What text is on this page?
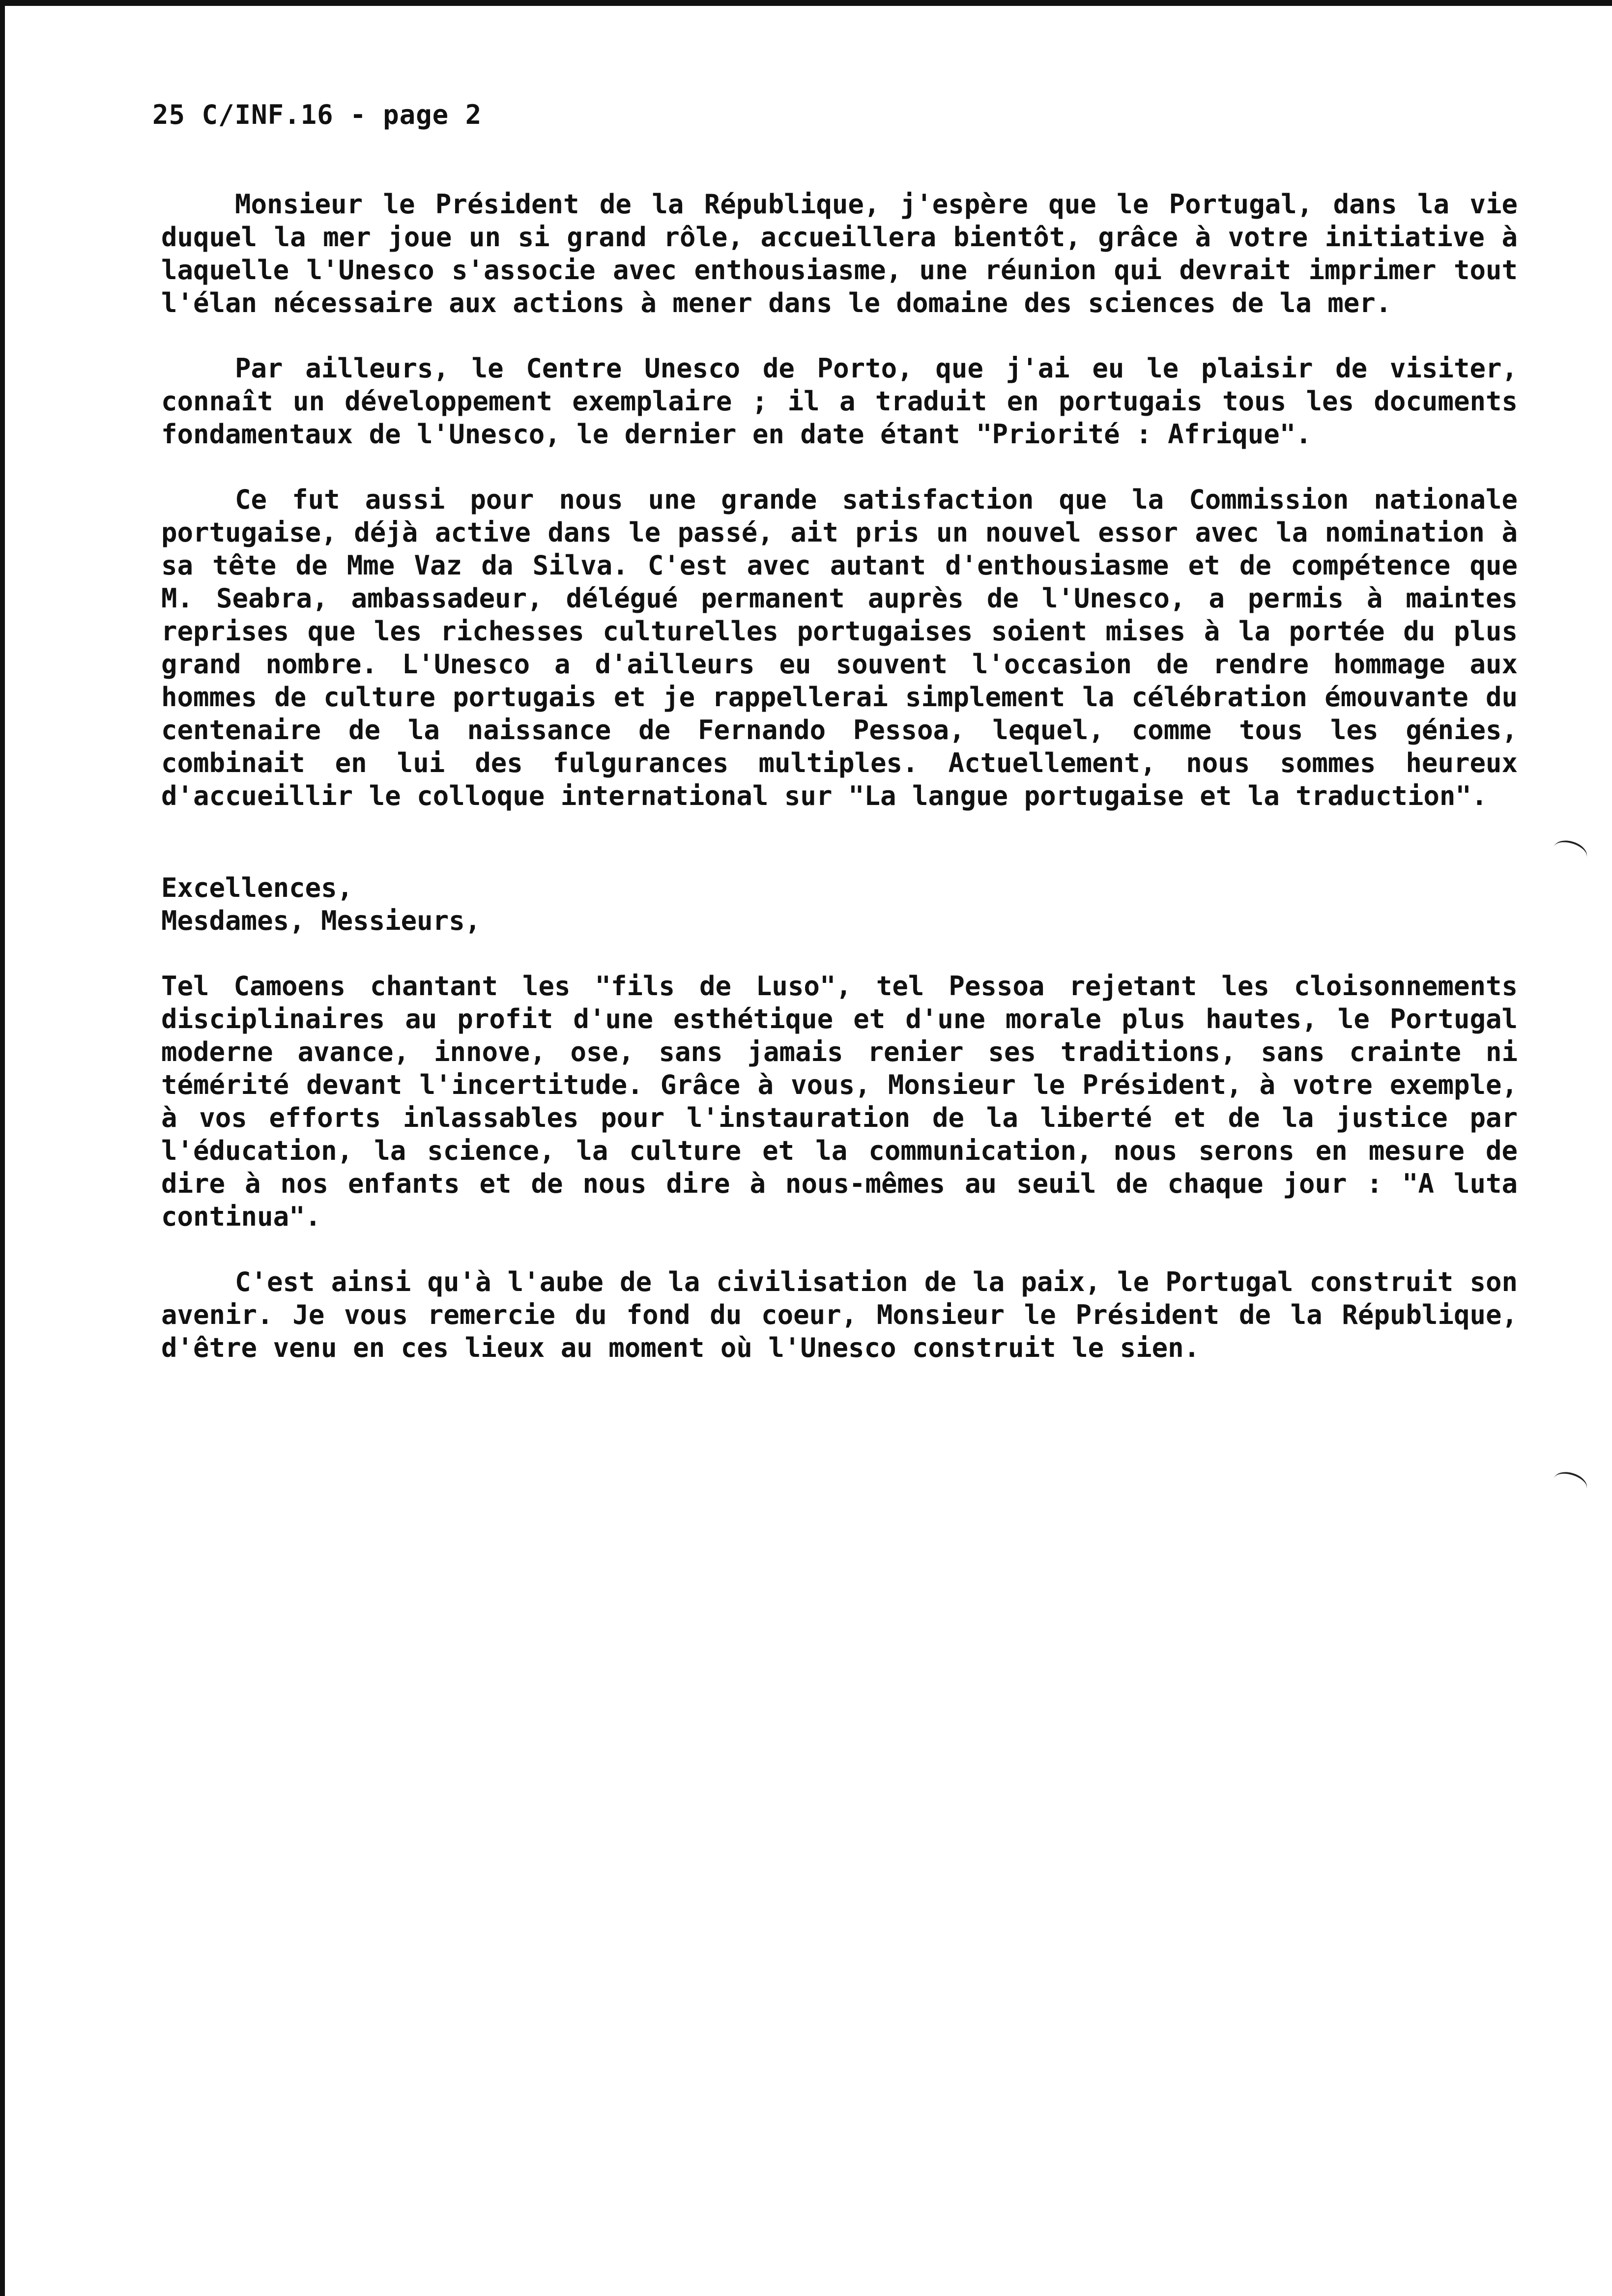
25 C/INF.16 - page 2

Monsieur le Président de la République, j'espère que le Portugal, dans la vie duquel la mer joue un si grand rôle, accueillera bientôt, grâce à votre initiative à laquelle l'Unesco s'associe avec enthousiasme, une réunion qui devrait imprimer tout l'élan nécessaire aux actions à mener dans le domaine des sciences de la mer.

Par ailleurs, le Centre Unesco de Porto, que j'ai eu le plaisir de visiter, connaît un développement exemplaire ; il a traduit en portugais tous les documents fondamentaux de l'Unesco, le dernier en date étant "Priorité : Afrique".

Ce fut aussi pour nous une grande satisfaction que la Commission nationale portugaise, déjà active dans le passé, ait pris un nouvel essor avec la nomination à sa tête de Mme Vaz da Silva. C'est avec autant d'enthousiasme et de compétence que M. Seabra, ambassadeur, délégué permanent auprès de l'Unesco, a permis à maintes reprises que les richesses culturelles portugaises soient mises à la portée du plus grand nombre. L'Unesco a d'ailleurs eu souvent l'occasion de rendre hommage aux hommes de culture portugais et je rappellerai simplement la célébration émouvante du centenaire de la naissance de Fernando Pessoa, lequel, comme tous les génies, combinait en lui des fulgurances multiples. Actuellement, nous sommes heureux d'accueillir le colloque international sur "La langue portugaise et la traduction".

Excellences,
Mesdames, Messieurs,

Tel Camoens chantant les "fils de Luso", tel Pessoa rejetant les cloisonnements disciplinaires au profit d'une esthétique et d'une morale plus hautes, le Portugal moderne avance, innove, ose, sans jamais renier ses traditions, sans crainte ni témérité devant l'incertitude. Grâce à vous, Monsieur le Président, à votre exemple, à vos efforts inlassables pour l'instauration de la liberté et de la justice par l'éducation, la science, la culture et la communication, nous serons en mesure de dire à nos enfants et de nous dire à nous-mêmes au seuil de chaque jour : "A luta continua".

C'est ainsi qu'à l'aube de la civilisation de la paix, le Portugal construit son avenir. Je vous remercie du fond du coeur, Monsieur le Président de la République, d'être venu en ces lieux au moment où l'Unesco construit le sien.
